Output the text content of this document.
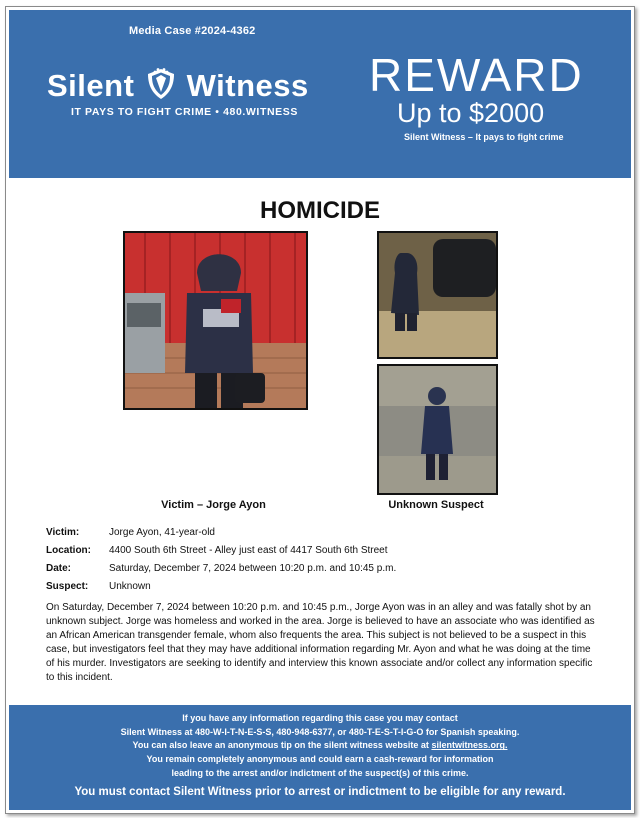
Media Case #2024-4362
Silent Witness
IT PAYS TO FIGHT CRIME • 480.WITNESS
REWARD
Up to $2000
Silent Witness – It pays to fight crime
HOMICIDE
Victim – Jorge Ayon	Unknown Suspect
Victim:	Jorge Ayon, 41-year-old
Location:	4400 South 6th Street - Alley just east of 4417 South 6th Street
Date:	Saturday, December 7, 2024 between 10:20 p.m. and 10:45 p.m.
Suspect:	Unknown
On Saturday, December 7, 2024 between 10:20 p.m. and 10:45 p.m., Jorge Ayon was in an alley and was fatally shot by an unknown subject. Jorge was homeless and worked in the area. Jorge is believed to have an associate who was identified as an African American transgender female, whom also frequents the area. This subject is not believed to be a suspect in this case, but investigators feel that they may have additional information regarding Mr. Ayon and what he was doing at the time of his murder. Investigators are seeking to identify and interview this known associate and/or collect any information specific to this incident.
If you have any information regarding this case you may contact
Silent Witness at 480-W-I-T-N-E-S-S, 480-948-6377, or 480-T-E-S-T-I-G-O for Spanish speaking.
You can also leave an anonymous tip on the silent witness website at silentwitness.org.
You remain completely anonymous and could earn a cash-reward for information
leading to the arrest and/or indictment of the suspect(s) of this crime.
You must contact Silent Witness prior to arrest or indictment to be eligible for any reward.
